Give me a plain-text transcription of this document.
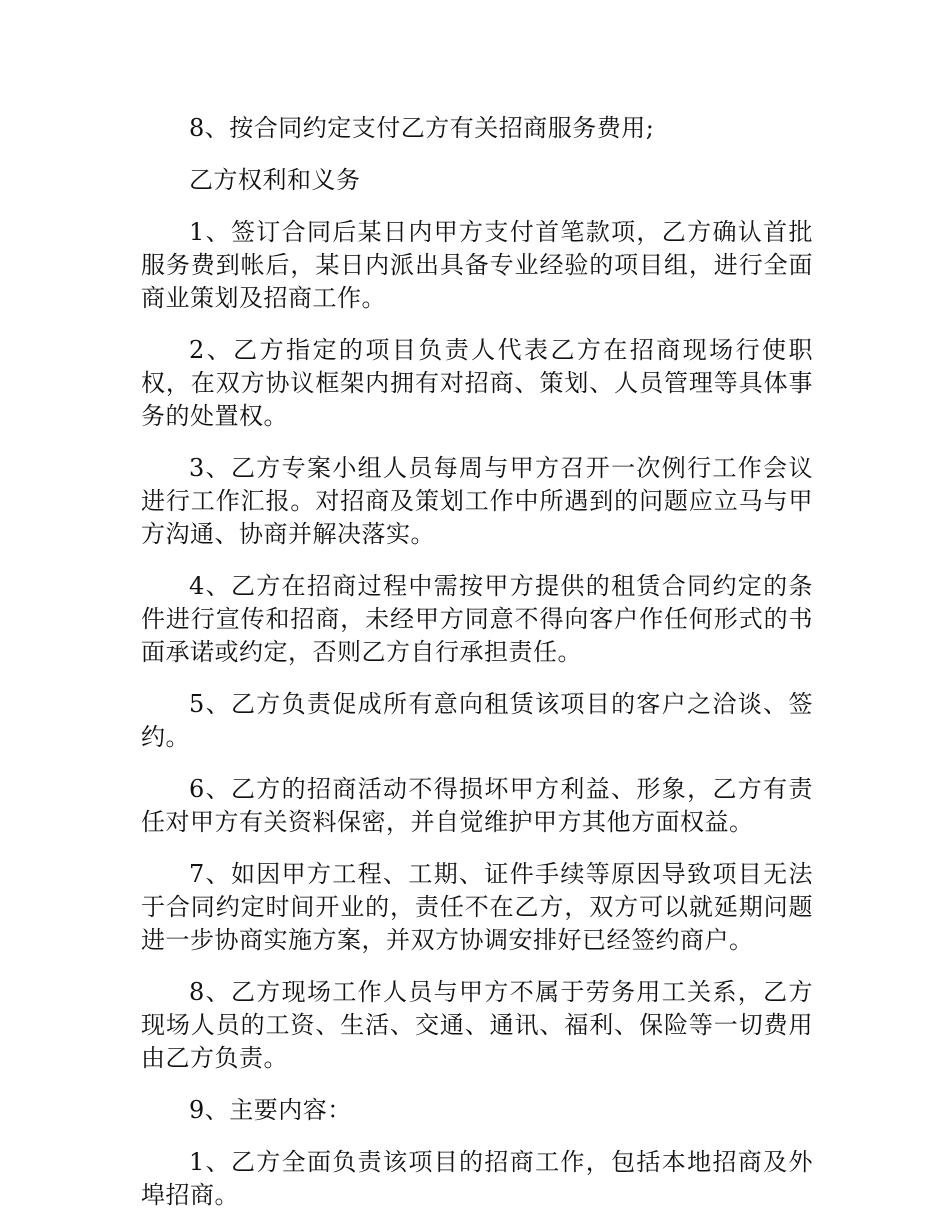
8、按合同约定支付乙方有关招商服务费用;

乙方权利和义务

1、签订合同后某日内甲方支付首笔款项，乙方确认首批服务费到帐后，某日内派出具备专业经验的项目组，进行全面商业策划及招商工作。

2、乙方指定的项目负责人代表乙方在招商现场行使职权，在双方协议框架内拥有对招商、策划、人员管理等具体事务的处置权。

3、乙方专案小组人员每周与甲方召开一次例行工作会议进行工作汇报。对招商及策划工作中所遇到的问题应立马与甲方沟通、协商并解决落实。

4、乙方在招商过程中需按甲方提供的租赁合同约定的条件进行宣传和招商，未经甲方同意不得向客户作任何形式的书面承诺或约定，否则乙方自行承担责任。

5、乙方负责促成所有意向租赁该项目的客户之洽谈、签约。

6、乙方的招商活动不得损坏甲方利益、形象，乙方有责任对甲方有关资料保密，并自觉维护甲方其他方面权益。

7、如因甲方工程、工期、证件手续等原因导致项目无法于合同约定时间开业的，责任不在乙方，双方可以就延期问题进一步协商实施方案，并双方协调安排好已经签约商户。

8、乙方现场工作人员与甲方不属于劳务用工关系，乙方现场人员的工资、生活、交通、通讯、福利、保险等一切费用由乙方负责。

9、主要内容：

1、乙方全面负责该项目的招商工作，包括本地招商及外埠招商。
